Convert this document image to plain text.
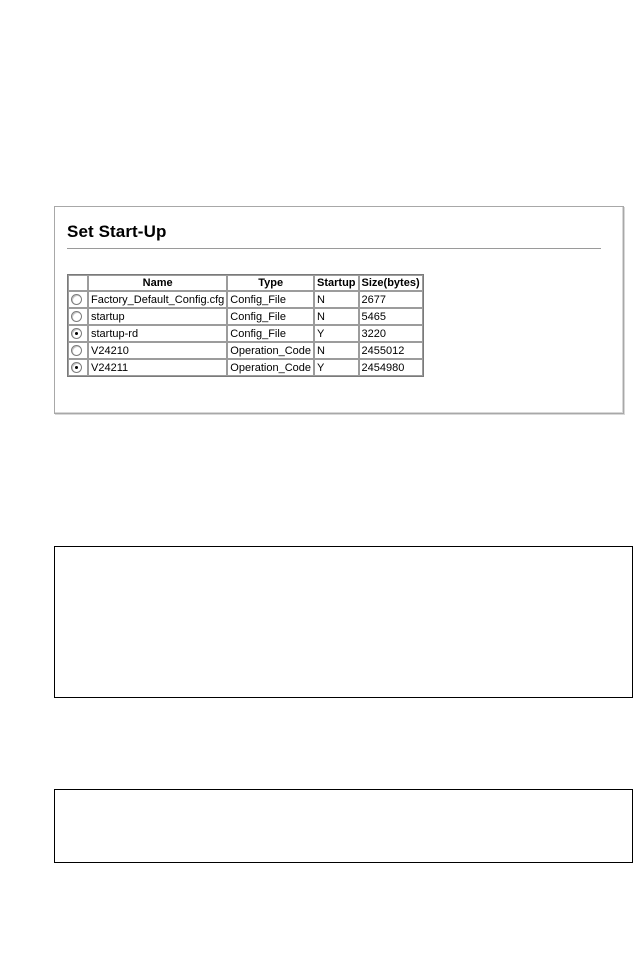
Set Start-Up
	Name	Type	Startup	Size(bytes)
	Factory_Default_Config.cfg	Config_File	N	2677
	startup	Config_File	N	5465
	startup-rd	Config_File	Y	3220
	V24210	Operation_Code	N	2455012
	V24211	Operation_Code	Y	2454980
